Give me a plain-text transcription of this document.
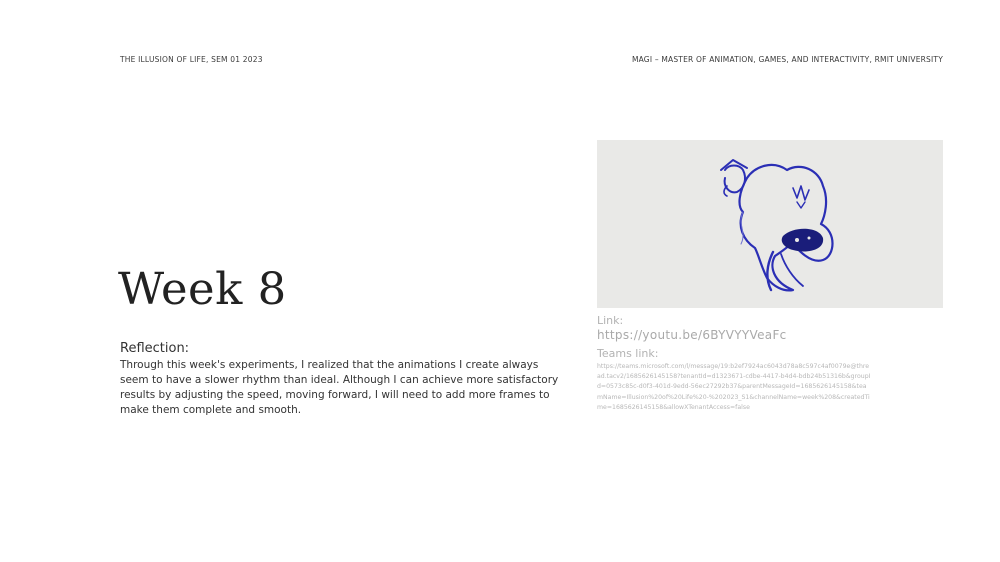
THE ILLUSION OF LIFE, SEM 01 2023	MAGI – MASTER OF ANIMATION, GAMES, AND INTERACTIVITY, RMIT UNIVERSITY
Week 8
Reflection:

Through this week's experiments, I realized that the animations I create always seem to have a slower rhythm than ideal. Although I can achieve more satisfactory results by adjusting the speed, moving forward, I will need to add more frames to make them complete and smooth.

Link:
https://youtu.be/6BYVYYVeaFc
Teams link:
https://teams.microsoft.com/l/message/19:b2ef7924ac6043d78a8c597c4af0079e@thread.tacv2/1685626145158?tenantId=d1323671-cdbe-4417-b4d4-bdb24b51316b&groupId=0573c85c-d0f3-401d-9edd-56ec27292b37&parentMessageId=1685626145158&teamName=Illusion%20of%20Life%20-%202023_S1&channelName=week%208&createdTime=1685626145158&allowXTenantAccess=false
